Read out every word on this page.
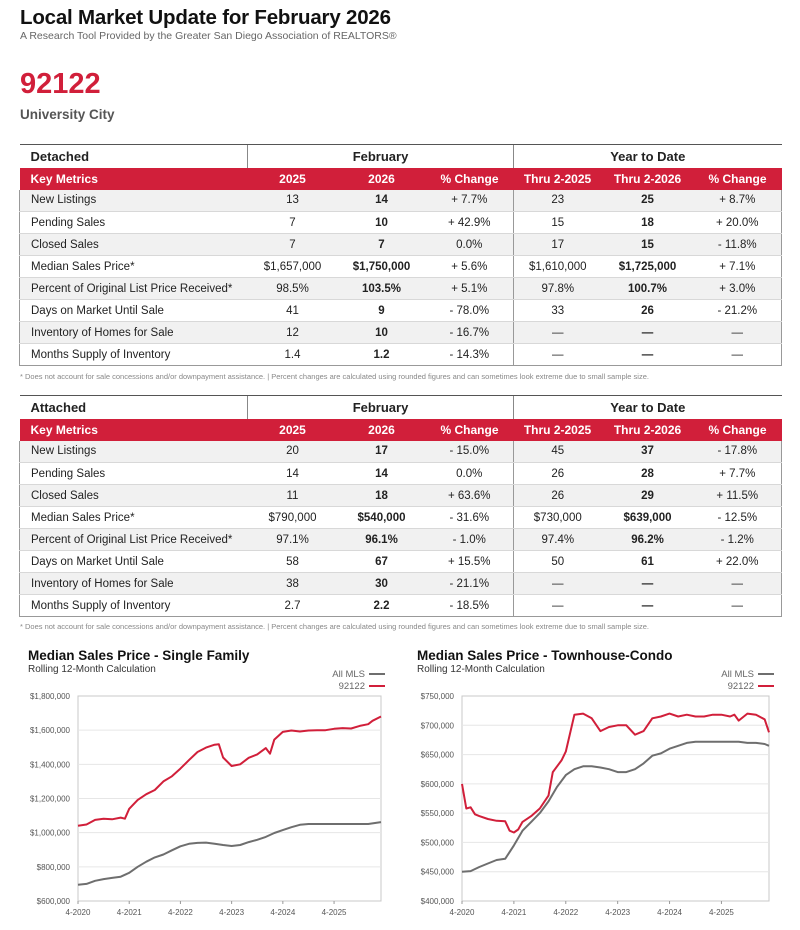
Local Market Update for February 2026
A Research Tool Provided by the Greater San Diego Association of REALTORS®
92122
University City
Detached	February			Year to Date		
Key Metrics	2025	2026	% Change	Thru 2-2025	Thru 2-2026	% Change
New Listings	13	14	+ 7.7%	23	25	+ 8.7%
Pending Sales	7	10	+ 42.9%	15	18	+ 20.0%
Closed Sales	7	7	0.0%	17	15	- 11.8%
Median Sales Price*	$1,657,000	$1,750,000	+ 5.6%	$1,610,000	$1,725,000	+ 7.1%
Percent of Original List Price Received*	98.5%	103.5%	+ 5.1%	97.8%	100.7%	+ 3.0%
Days on Market Until Sale	41	9	- 78.0%	33	26	- 21.2%
Inventory of Homes for Sale	12	10	- 16.7%	—	—	—
Months Supply of Inventory	1.4	1.2	- 14.3%	—	—	—
* Does not account for sale concessions and/or downpayment assistance. | Percent changes are calculated using rounded figures and can sometimes look extreme due to small sample size.
Attached	February			Year to Date		
Key Metrics	2025	2026	% Change	Thru 2-2025	Thru 2-2026	% Change
New Listings	20	17	- 15.0%	45	37	- 17.8%
Pending Sales	14	14	0.0%	26	28	+ 7.7%
Closed Sales	11	18	+ 63.6%	26	29	+ 11.5%
Median Sales Price*	$790,000	$540,000	- 31.6%	$730,000	$639,000	- 12.5%
Percent of Original List Price Received*	97.1%	96.1%	- 1.0%	97.4%	96.2%	- 1.2%
Days on Market Until Sale	58	67	+ 15.5%	50	61	+ 22.0%
Inventory of Homes for Sale	38	30	- 21.1%	—	—	—
Months Supply of Inventory	2.7	2.2	- 18.5%	—	—	—
* Does not account for sale concessions and/or downpayment assistance. | Percent changes are calculated using rounded figures and can sometimes look extreme due to small sample size.
Median Sales Price - Single Family
Rolling 12-Month Calculation	All MLS
92122
$600,000
$800,000
$1,000,000
$1,200,000
$1,400,000
$1,600,000
$1,800,000
4-2020	4-2021	4-2022	4-2023	4-2024	4-2025
Median Sales Price - Townhouse-Condo
Rolling 12-Month Calculation	All MLS
92122
$400,000
$450,000
$500,000
$550,000
$600,000
$650,000
$700,000
$750,000
4-2020	4-2021	4-2022	4-2023	4-2024	4-2025
